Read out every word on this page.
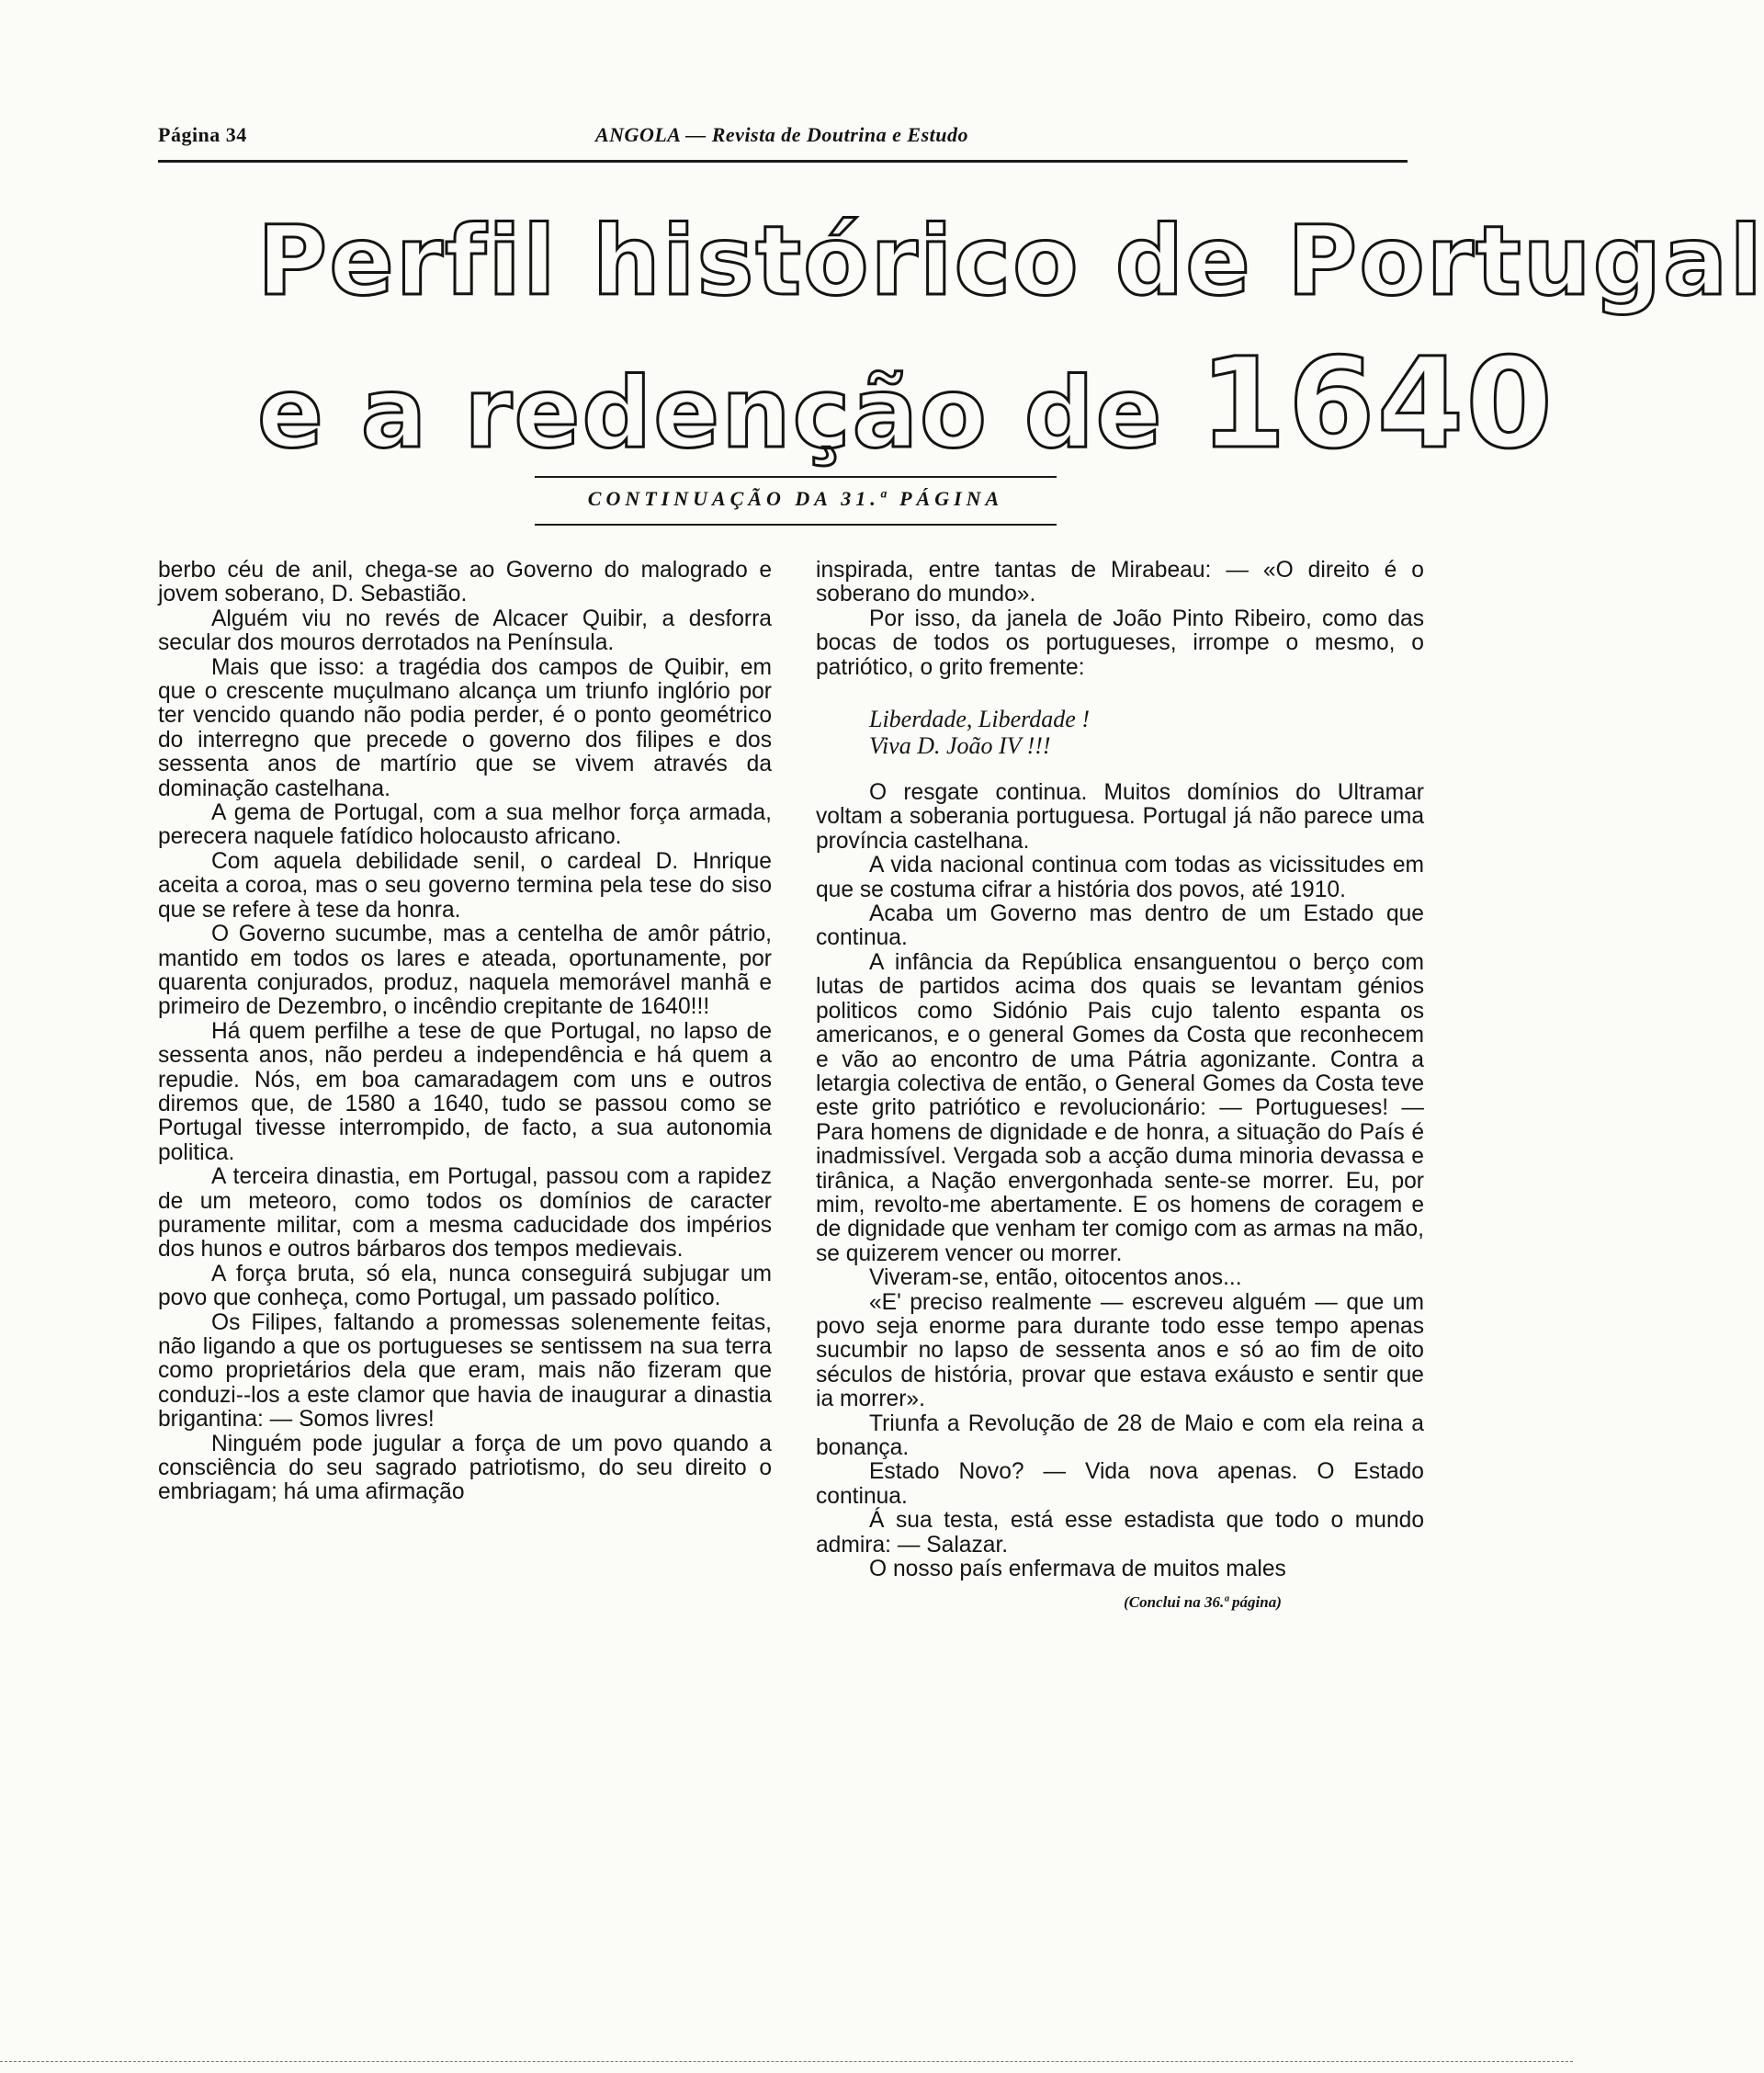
Página 34	ANGOLA — Revista de Doutrina e Estudo
Perfil histórico de Portugal
e a redenção de 1640
CONTINUAÇÃO DA 31.ª PÁGINA

berbo céu de anil, chega-se ao Governo do malogrado e jovem soberano, D. Sebastião.

Alguém viu no revés de Alcacer Quibir, a desforra secular dos mouros derrotados na Península.

Mais que isso: a tragédia dos campos de Quibir, em que o crescente muçulmano alcança um triunfo inglório por ter vencido quando não podia perder, é o ponto geométrico do interregno que precede o governo dos filipes e dos sessenta anos de martírio que se vivem através da dominação castelhana.

A gema de Portugal, com a sua melhor força armada, perecera naquele fatídico holocausto africano.

Com aquela debilidade senil, o cardeal D. Hnrique aceita a coroa, mas o seu governo termina pela tese do siso que se refere à tese da honra.

O Governo sucumbe, mas a centelha de amôr pátrio, mantido em todos os lares e ateada, oportunamente, por quarenta conjurados, produz, naquela memorável manhã e primeiro de Dezembro, o incêndio crepitante de 1640!!!

Há quem perfilhe a tese de que Portugal, no lapso de sessenta anos, não perdeu a independência e há quem a repudie. Nós, em boa camaradagem com uns e outros diremos que, de 1580 a 1640, tudo se passou como se Portugal tivesse interrompido, de facto, a sua autonomia politica.

A terceira dinastia, em Portugal, passou com a rapidez de um meteoro, como todos os domínios de caracter puramente militar, com a mesma caducidade dos impérios dos hunos e outros bárbaros dos tempos medievais.

A força bruta, só ela, nunca conseguirá subjugar um povo que conheça, como Portugal, um passado político.

Os Filipes, faltando a promessas solenemente feitas, não ligando a que os portugueses se sentissem na sua terra como proprietários dela que eram, mais não fizeram que conduzi--los a este clamor que havia de inaugurar a dinastia brigantina: — Somos livres!

Ninguém pode jugular a força de um povo quando a consciência do seu sagrado patriotismo, do seu direito o embriagam; há uma afirmação

inspirada, entre tantas de Mirabeau: — «O direito é o soberano do mundo».

Por isso, da janela de João Pinto Ribeiro, como das bocas de todos os portugueses, irrompe o mesmo, o patriótico, o grito fremente:

Liberdade, Liberdade !
Viva D. João IV !!!

O resgate continua. Muitos domínios do Ultramar voltam a soberania portuguesa. Portugal já não parece uma província castelhana.

A vida nacional continua com todas as vicissitudes em que se costuma cifrar a história dos povos, até 1910.

Acaba um Governo mas dentro de um Estado que continua.

A infância da República ensanguentou o berço com lutas de partidos acima dos quais se levantam génios politicos como Sidónio Pais cujo talento espanta os americanos, e o general Gomes da Costa que reconhecem e vão ao encontro de uma Pátria agonizante. Contra a letargia colectiva de então, o General Gomes da Costa teve este grito patriótico e revolucionário: — Portugueses! — Para homens de dignidade e de honra, a situação do País é inadmissível. Vergada sob a acção duma minoria devassa e tirânica, a Nação envergonhada sente-se morrer. Eu, por mim, revolto-me abertamente. E os homens de coragem e de dignidade que venham ter comigo com as armas na mão, se quizerem vencer ou morrer.

Viveram-se, então, oitocentos anos...

«E' preciso realmente — escreveu alguém — que um povo seja enorme para durante todo esse tempo apenas sucumbir no lapso de sessenta anos e só ao fim de oito séculos de história, provar que estava exáusto e sentir que ia morrer».

Triunfa a Revolução de 28 de Maio e com ela reina a bonança.

Estado Novo? — Vida nova apenas. O Estado continua.

Á sua testa, está esse estadista que todo o mundo admira: — Salazar.

O nosso país enfermava de muitos males

(Conclui na 36.ª página)
